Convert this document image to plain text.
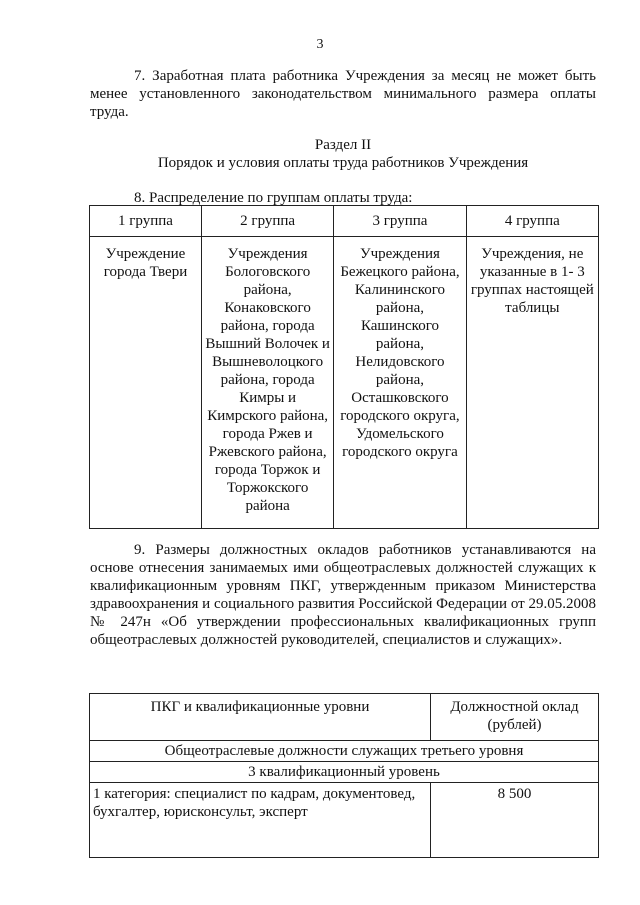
3
7. Заработная плата работника Учреждения за месяц не может быть менее установленного законодательством минимального размера оплаты труда.
Раздел II
Порядок и условия оплаты труда работников Учреждения
8. Распределение по группам оплаты труда:
1 группа	2 группа	3 группа	4 группа
Учреждение города Твери	Учреждения Бологовского района, Конаковского района, города Вышний Волочек и Вышневолоцкого района, города Кимры и Кимрского района, города Ржев и Ржевского района, города Торжок и Торжокского района	Учреждения Бежецкого района, Калининского района, Кашинского района, Нелидовского района, Осташковского городского округа, Удомельского городского округа	Учреждения, не указанные в 1- 3 группах настоящей таблицы
9. Размеры должностных окладов работников устанавливаются на основе отнесения занимаемых ими общеотраслевых должностей служащих к квалификационным уровням ПКГ, утвержденным приказом Министерства здравоохранения и социального развития Российской Федерации от 29.05.2008 № 247н «Об утверждении профессиональных квалификационных групп общеотраслевых должностей руководителей, специалистов и служащих».
ПКГ и квалификационные уровни	Должностной оклад (рублей)
Общеотраслевые должности служащих третьего уровня	
3 квалификационный уровень	
1 категория: специалист по кадрам, документовед, бухгалтер, юрисконсульт, эксперт	8 500
